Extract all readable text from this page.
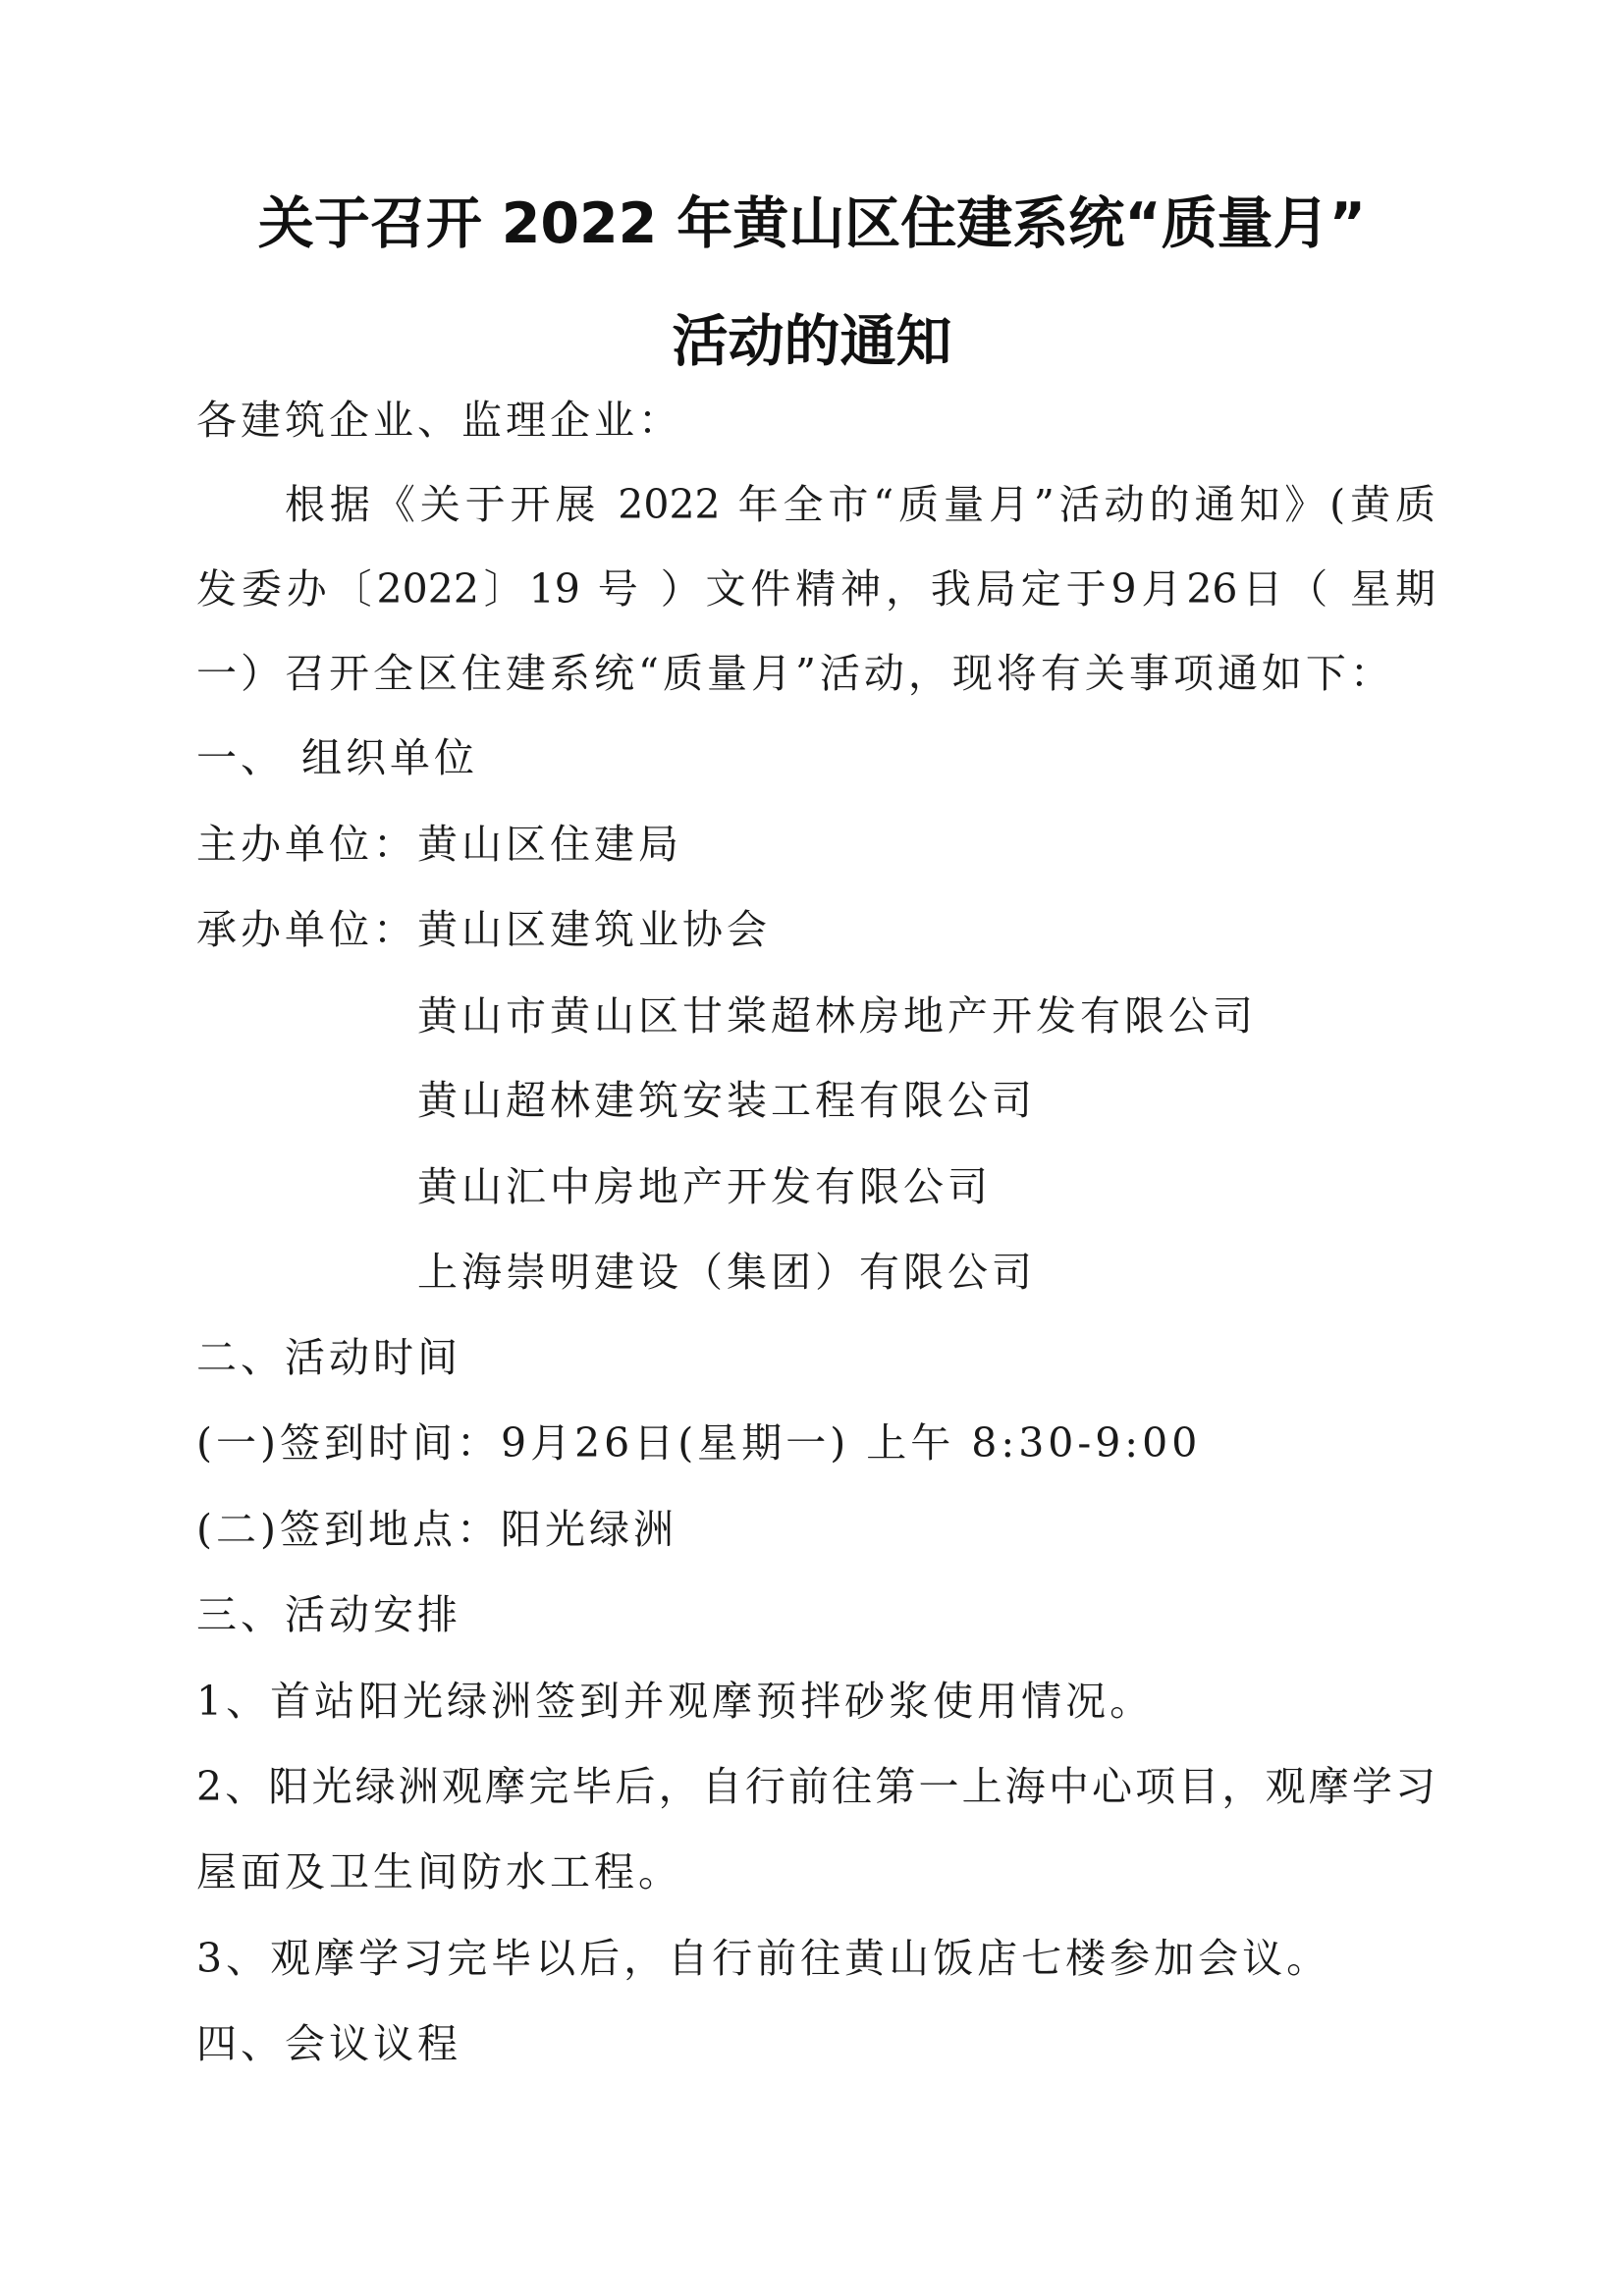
关于召开 2022 年黄山区住建系统“质量月”
活动的通知
各建筑企业、监理企业：
根据《关于开展 2022 年全市“质量月”活动的通知》(黄质
发委办〔2022〕19 号 ）文件精神，我局定于9月26日（ 星期
一）召开全区住建系统“质量月”活动，现将有关事项通如下：
一、 组织单位
主办单位：黄山区住建局
承办单位：黄山区建筑业协会
黄山市黄山区甘棠超林房地产开发有限公司
黄山超林建筑安装工程有限公司
黄山汇中房地产开发有限公司
上海崇明建设（集团）有限公司
二、活动时间
(一)签到时间：9月26日(星期一) 上午 8:30-9:00
(二)签到地点：阳光绿洲
三、活动安排
1、首站阳光绿洲签到并观摩预拌砂浆使用情况。
2、阳光绿洲观摩完毕后，自行前往第一上海中心项目，观摩学习
屋面及卫生间防水工程。
3、观摩学习完毕以后，自行前往黄山饭店七楼参加会议。
四、会议议程
